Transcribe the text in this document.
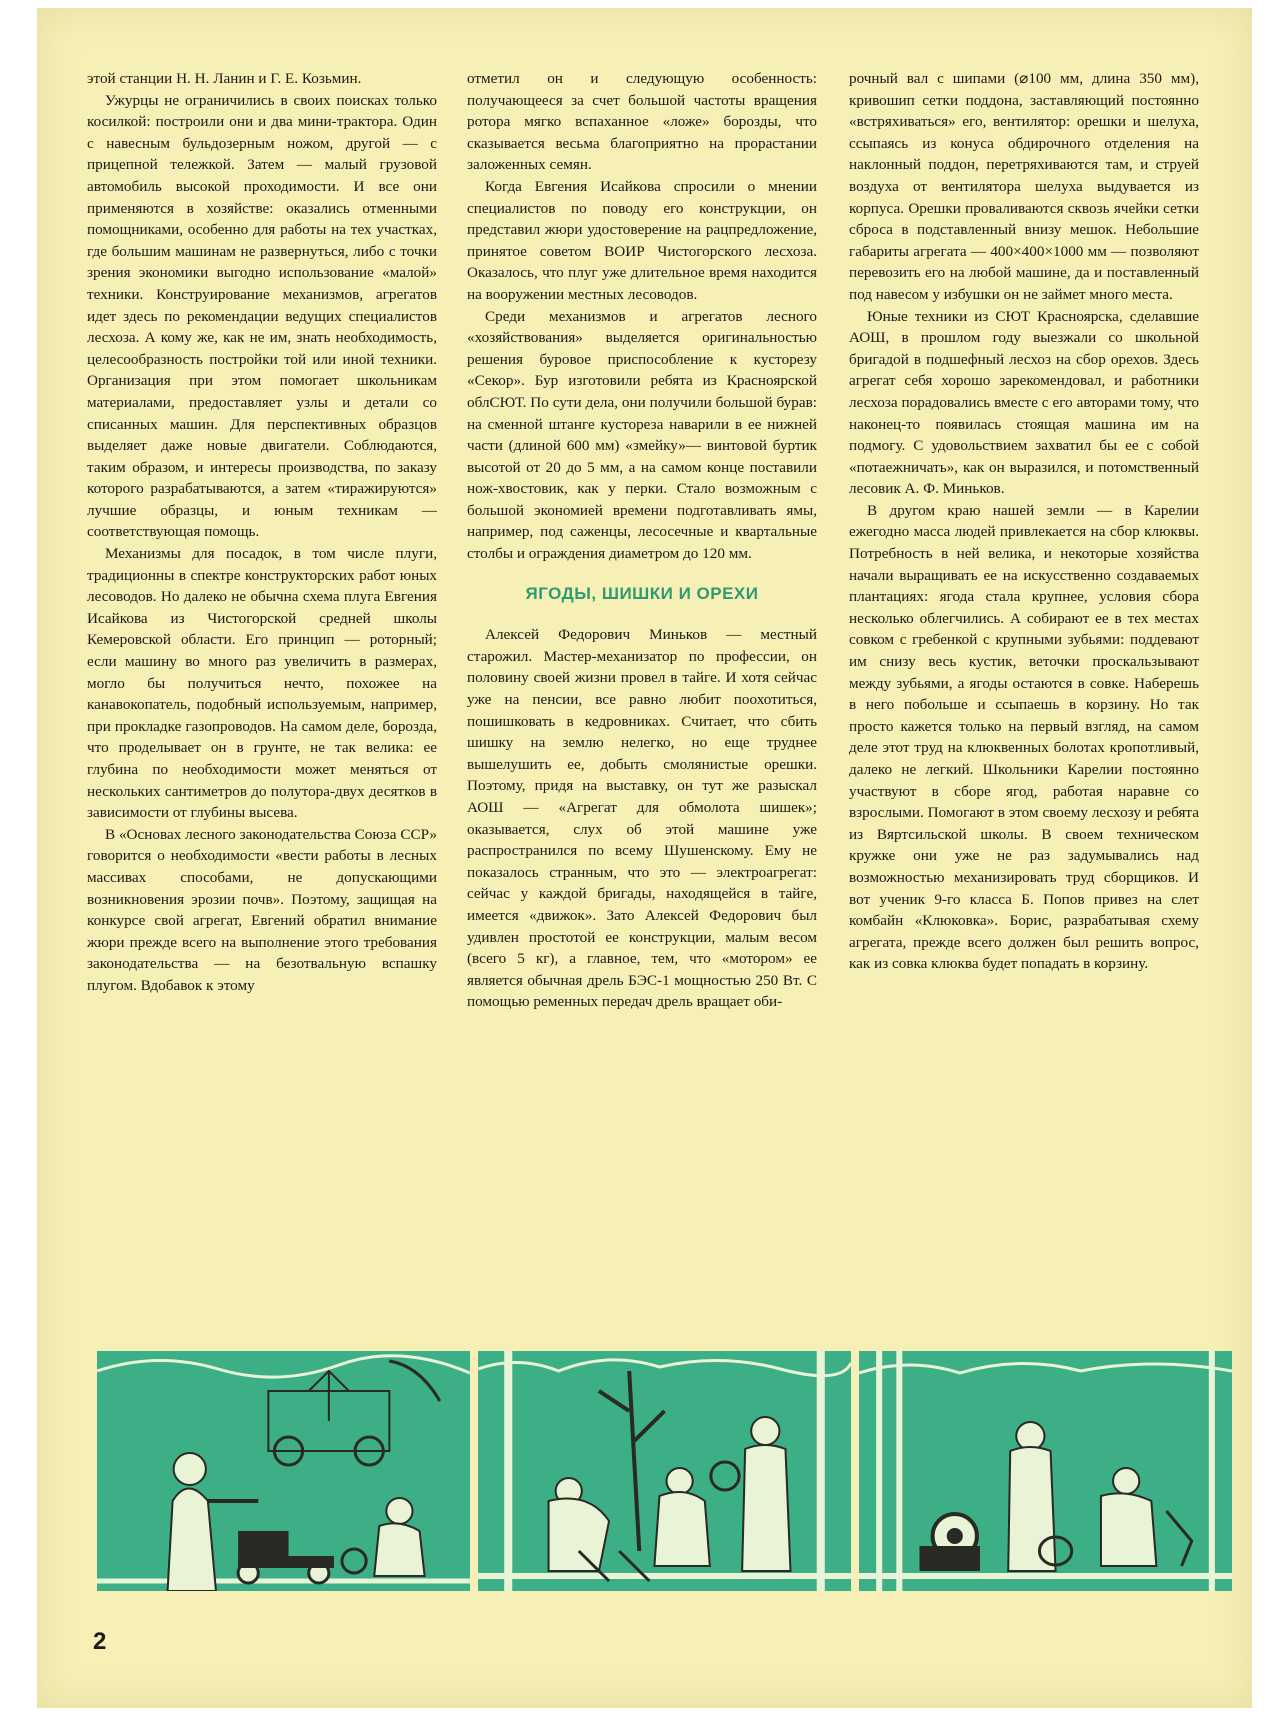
этой станции Н. Н. Ланин и Г. Е. Козьмин.

Ужурцы не ограничились в своих поисках только косилкой: построили они и два мини-трактора. Один с навесным бульдозерным ножом, другой — с прицепной тележкой. Затем — малый грузовой автомобиль высокой проходимости. И все они применяются в хозяйстве: оказались отменными помощниками, особенно для работы на тех участках, где большим машинам не развернуться, либо с точки зрения экономики выгодно использование «малой» техники. Конструирование механизмов, агрегатов идет здесь по рекомендации ведущих специалистов лесхоза. А кому же, как не им, знать необходимость, целесообразность постройки той или иной техники. Организация при этом помогает школьникам материалами, предоставляет узлы и детали со списанных машин. Для перспективных образцов выделяет даже новые двигатели. Соблюдаются, таким образом, и интересы производства, по заказу которого разрабатываются, а затем «тиражируются» лучшие образцы, и юным техникам — соответствующая помощь.

Механизмы для посадок, в том числе плуги, традиционны в спектре конструкторских работ юных лесоводов. Но далеко не обычна схема плуга Евгения Исайкова из Чистогорской средней школы Кемеровской области. Его принцип — роторный; если машину во много раз увеличить в размерах, могло бы получиться нечто, похожее на канавокопатель, подобный используемым, например, при прокладке газопроводов. На самом деле, борозда, что проделывает он в грунте, не так велика: ее глубина по необходимости может меняться от нескольких сантиметров до полутора-двух десятков в зависимости от глубины высева.

В «Основах лесного законодательства Союза ССР» говорится о необходимости «вести работы в лесных массивах способами, не допускающими возникновения эрозии почв». Поэтому, защищая на конкурсе свой агрегат, Евгений обратил внимание жюри прежде всего на выполнение этого требования законодательства — на безотвальную вспашку плугом. Вдобавок к этому

отметил он и следующую особенность: получающееся за счет большой частоты вращения ротора мягко вспаханное «ложе» борозды, что сказывается весьма благоприятно на прорастании заложенных семян.

Когда Евгения Исайкова спросили о мнении специалистов по поводу его конструкции, он представил жюри удостоверение на рацпредложение, принятое советом ВОИР Чистогорского лесхоза. Оказалось, что плуг уже длительное время находится на вооружении местных лесоводов.

Среди механизмов и агрегатов лесного «хозяйствования» выделяется оригинальностью решения буровое приспособление к кусторезу «Секор». Бур изготовили ребята из Красноярской облСЮТ. По сути дела, они получили большой бурав: на сменной штанге кустореза наварили в ее нижней части (длиной 600 мм) «змейку»— винтовой буртик высотой от 20 до 5 мм, а на самом конце поставили нож-хвостовик, как у перки. Стало возможным с большой экономией времени подготавливать ямы, например, под саженцы, лесосечные и квартальные столбы и ограждения диаметром до 120 мм.

ЯГОДЫ, ШИШКИ И ОРЕХИ

Алексей Федорович Миньков — местный старожил. Мастер-механизатор по профессии, он половину своей жизни провел в тайге. И хотя сейчас уже на пенсии, все равно любит поохотиться, пошишковать в кедровниках. Считает, что сбить шишку на землю нелегко, но еще труднее вышелушить ее, добыть смолянистые орешки. Поэтому, придя на выставку, он тут же разыскал АОШ — «Агрегат для обмолота шишек»; оказывается, слух об этой машине уже распространился по всему Шушенскому. Ему не показалось странным, что это — электроагрегат: сейчас у каждой бригады, находящейся в тайге, имеется «движок». Зато Алексей Федорович был удивлен простотой ее конструкции, малым весом (всего 5 кг), а главное, тем, что «мотором» ее является обычная дрель БЭС-1 мощностью 250 Вт. С помощью ременных передач дрель вращает оби-

рочный вал с шипами (⌀100 мм, длина 350 мм), кривошип сетки поддона, заставляющий постоянно «встряхиваться» его, вентилятор: орешки и шелуха, ссыпаясь из конуса обдирочного отделения на наклонный поддон, перетряхиваются там, и струей воздуха от вентилятора шелуха выдувается из корпуса. Орешки проваливаются сквозь ячейки сетки сброса в подставленный внизу мешок. Небольшие габариты агрегата — 400×400×1000 мм — позволяют перевозить его на любой машине, да и поставленный под навесом у избушки он не займет много места.

Юные техники из СЮТ Красноярска, сделавшие АОШ, в прошлом году выезжали со школьной бригадой в подшефный лесхоз на сбор орехов. Здесь агрегат себя хорошо зарекомендовал, и работники лесхоза порадовались вместе с его авторами тому, что наконец-то появилась стоящая машина им на подмогу. С удовольствием захватил бы ее с собой «потаежничать», как он выразился, и потомственный лесовик А. Ф. Миньков.

В другом краю нашей земли — в Карелии ежегодно масса людей привлекается на сбор клюквы. Потребность в ней велика, и некоторые хозяйства начали выращивать ее на искусственно создаваемых плантациях: ягода стала крупнее, условия сбора несколько облегчились. А собирают ее в тех местах совком с гребенкой с крупными зубьями: поддевают им снизу весь кустик, веточки проскальзывают между зубьями, а ягоды остаются в совке. Наберешь в него побольше и ссыпаешь в корзину. Но так просто кажется только на первый взгляд, на самом деле этот труд на клюквенных болотах кропотливый, далеко не легкий. Школьники Карелии постоянно участвуют в сборе ягод, работая наравне со взрослыми. Помогают в этом своему лесхозу и ребята из Вяртсильской школы. В своем техническом кружке они уже не раз задумывались над возможностью механизировать труд сборщиков. И вот ученик 9-го класса Б. Попов привез на слет комбайн «Клюковка». Борис, разрабатывая схему агрегата, прежде всего должен был решить вопрос, как из совка клюква будет попадать в корзину.

2
